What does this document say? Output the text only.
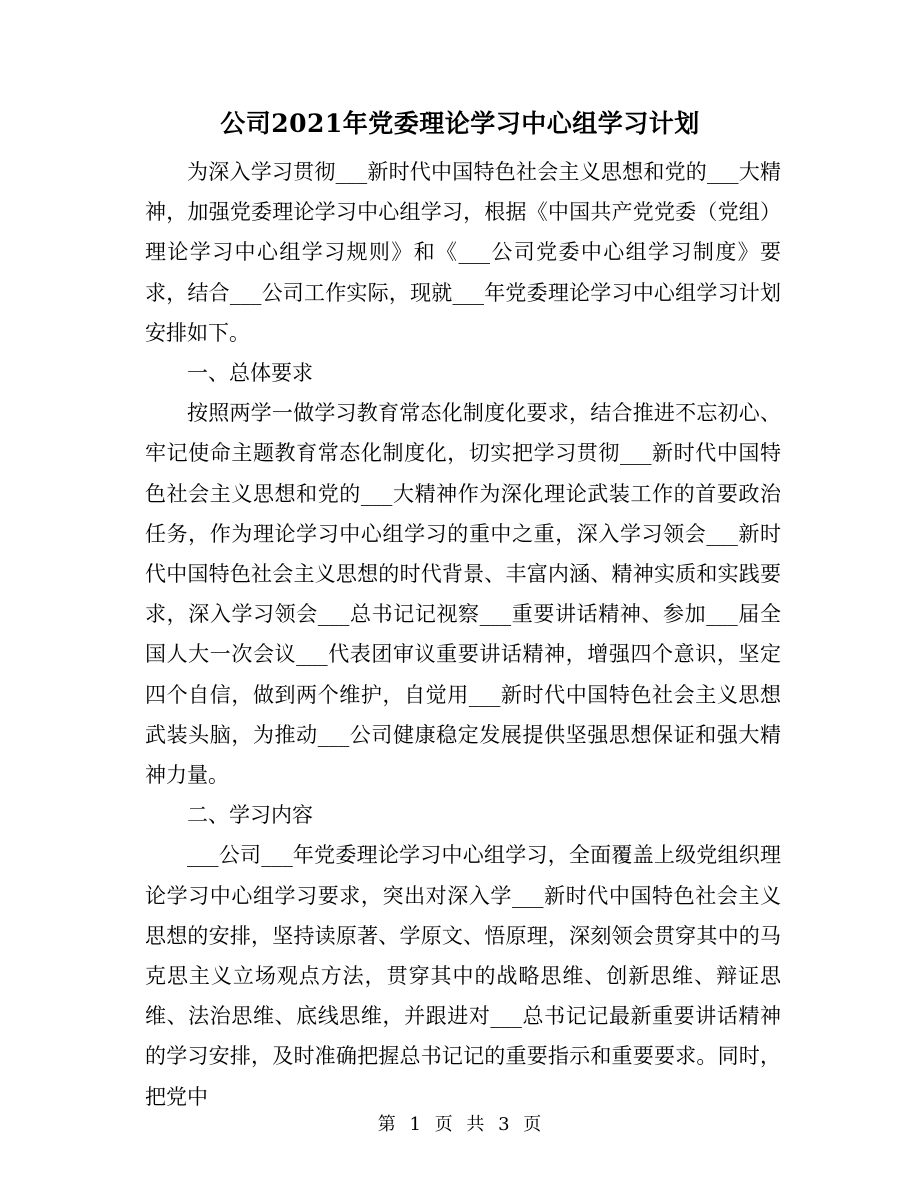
公司2021年党委理论学习中心组学习计划

为深入学习贯彻___新时代中国特色社会主义思想和党的___大精神，加强党委理论学习中心组学习，根据《中国共产党党委（党组）理论学习中心组学习规则》和《___公司党委中心组学习制度》要求，结合___公司工作实际，现就___年党委理论学习中心组学习计划安排如下。

一、总体要求

按照两学一做学习教育常态化制度化要求，结合推进不忘初心、牢记使命主题教育常态化制度化，切实把学习贯彻___新时代中国特色社会主义思想和党的___大精神作为深化理论武装工作的首要政治任务，作为理论学习中心组学习的重中之重，深入学习领会___新时代中国特色社会主义思想的时代背景、丰富内涵、精神实质和实践要求，深入学习领会___总书记记视察___重要讲话精神、参加___届全国人大一次会议___代表团审议重要讲话精神，增强四个意识，坚定四个自信，做到两个维护，自觉用___新时代中国特色社会主义思想武装头脑，为推动___公司健康稳定发展提供坚强思想保证和强大精神力量。

二、学习内容

___公司___年党委理论学习中心组学习，全面覆盖上级党组织理论学习中心组学习要求，突出对深入学___新时代中国特色社会主义思想的安排，坚持读原著、学原文、悟原理，深刻领会贯穿其中的马克思主义立场观点方法，贯穿其中的战略思维、创新思维、辩证思维、法治思维、底线思维，并跟进对___总书记记最新重要讲话精神的学习安排，及时准确把握总书记记的重要指示和重要要求。同时，把党中

第 1 页 共 3 页
